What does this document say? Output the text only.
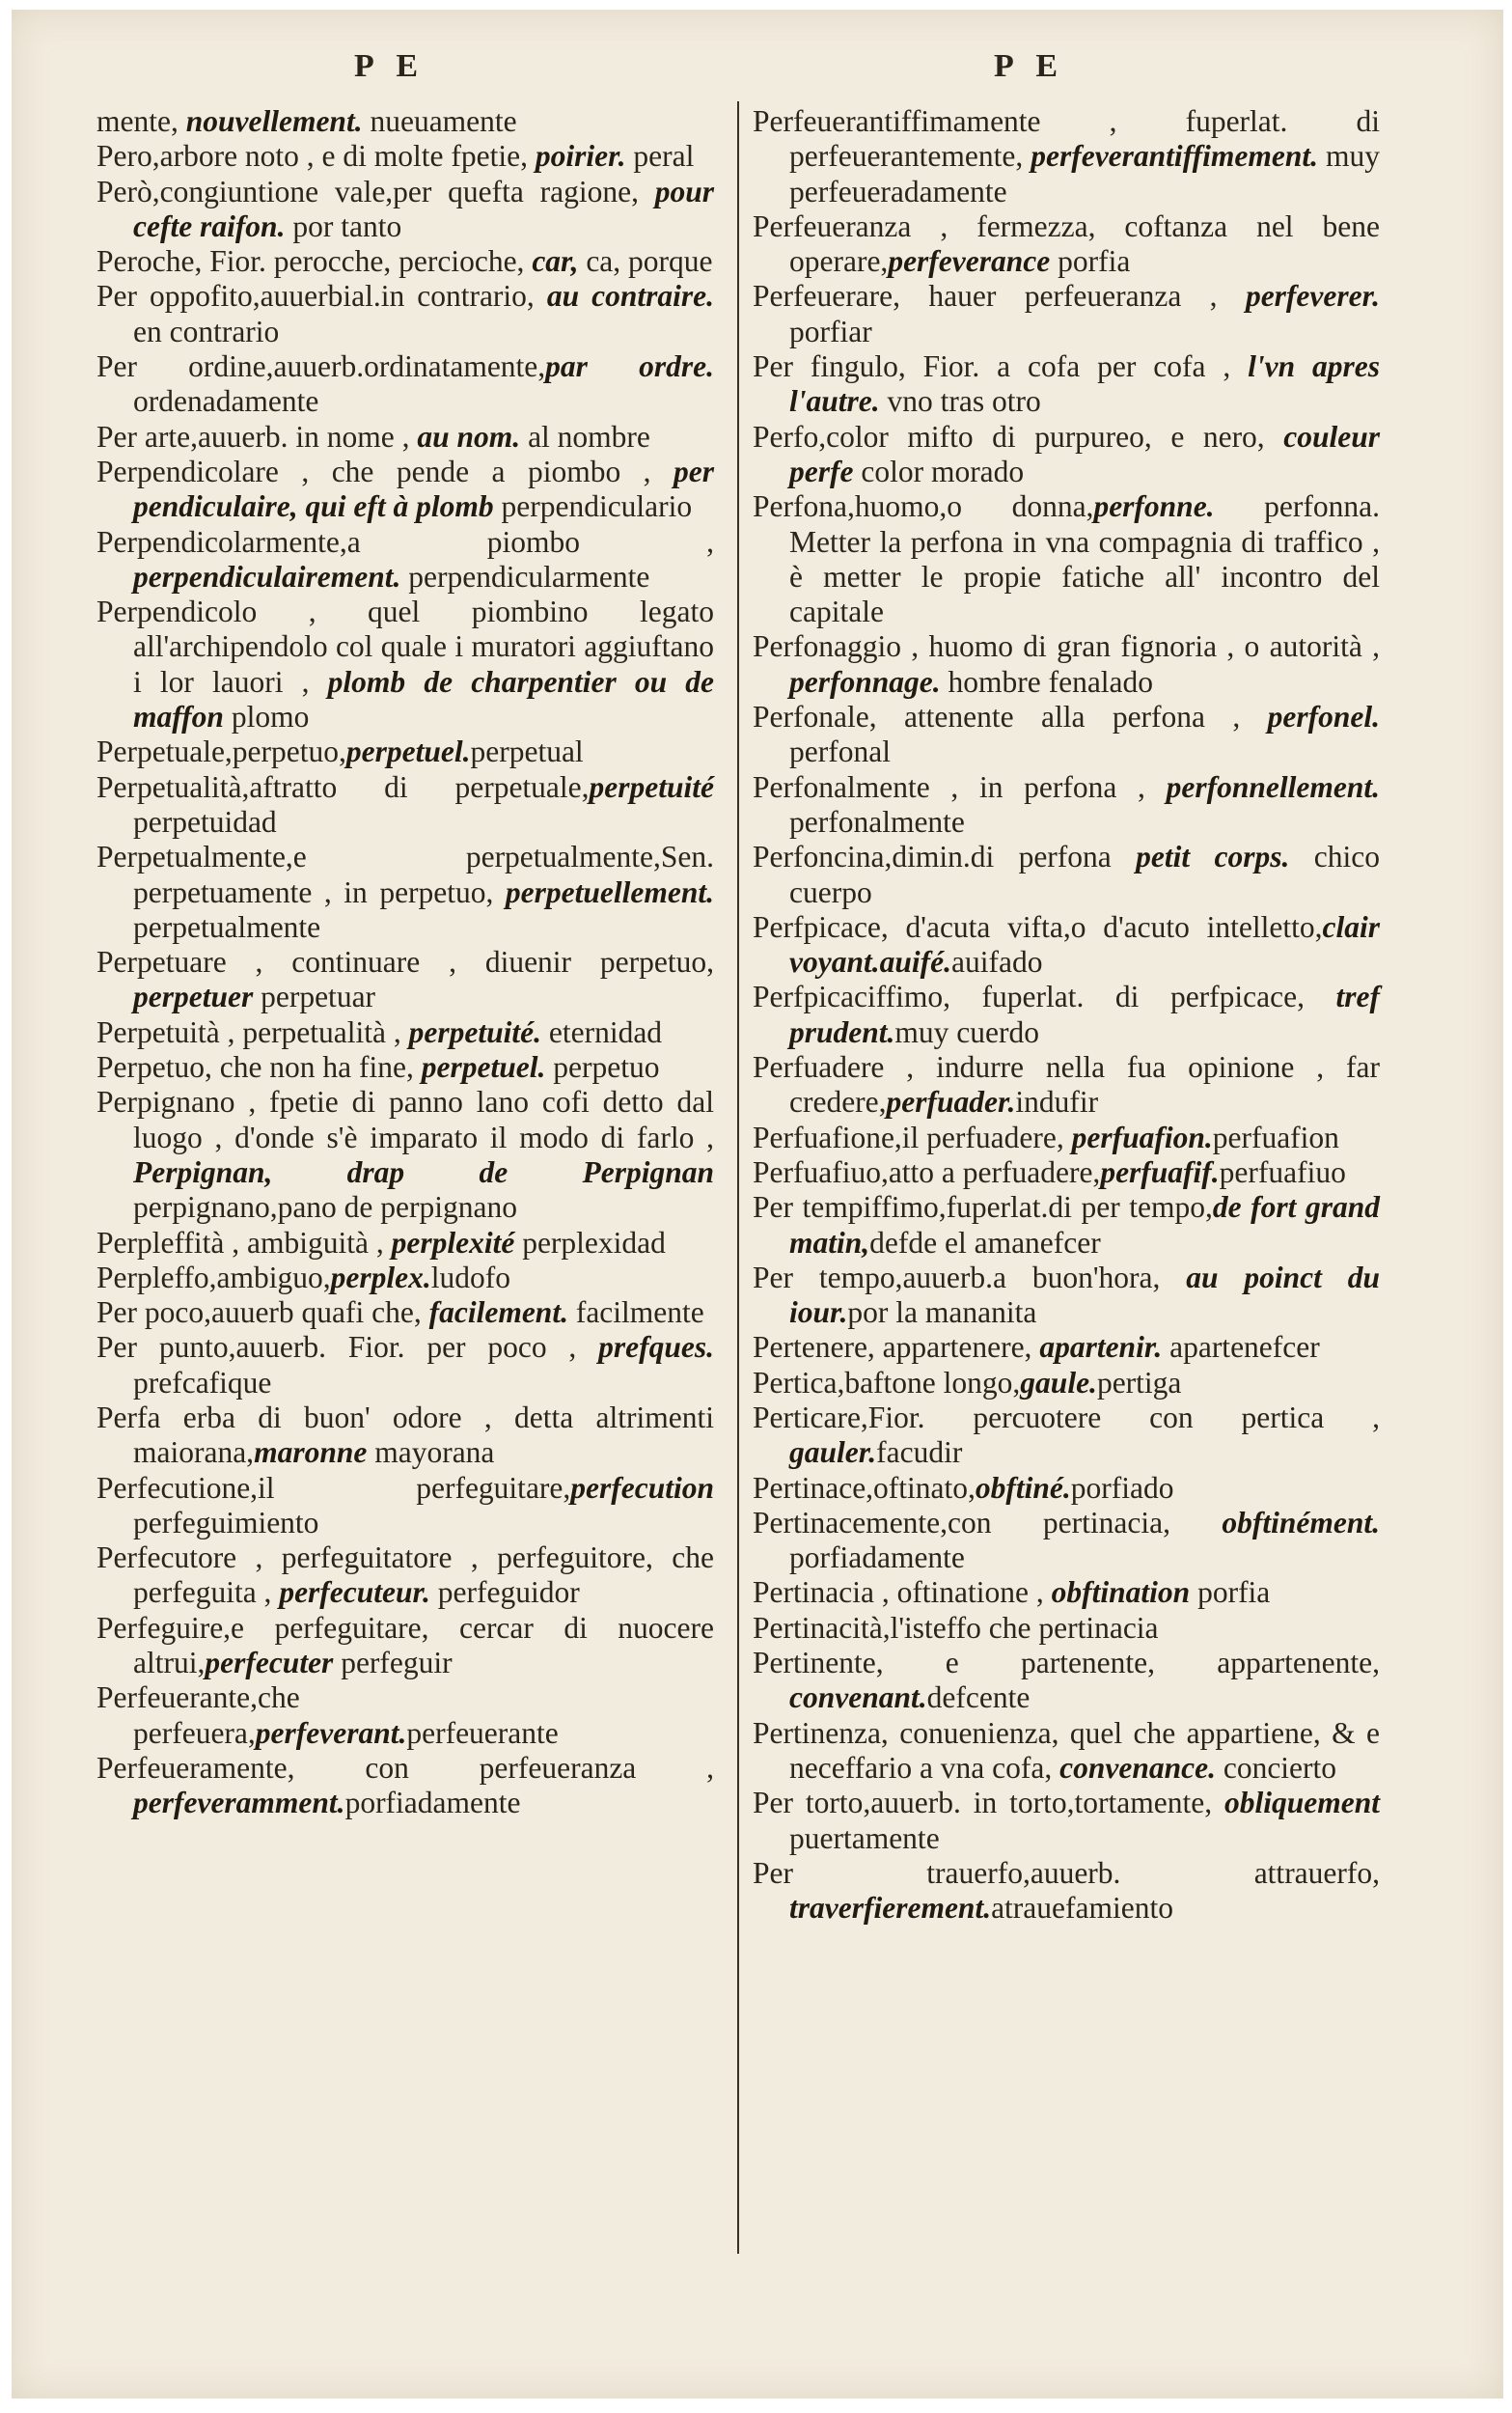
P E	P E

mente, nouvellement. nueuamente

Pero,arbore noto , e di molte fpetie, poirier. peral

Però,congiuntione vale,per quefta ragione, pour cefte raifon. por tanto

Peroche, Fior. perocche, percioche, car, ca, porque

Per oppofito,auuerbial.in contrario, au contraire. en contrario

Per ordine,auuerb.ordinatamente,par ordre. ordenadamente

Per arte,auuerb. in nome , au nom. al nombre

Perpendicolare , che pende a piombo , per pendiculaire, qui eft à plomb perpendiculario

Perpendicolarmente,a piombo , perpendiculairement. perpendicularmente

Perpendicolo , quel piombino legato all'archipendolo col quale i muratori aggiuftano i lor lauori , plomb de charpentier ou de maffon plomo

Perpetuale,perpetuo,perpetuel.perpetual

Perpetualità,aftratto di perpetuale,perpetuité perpetuidad

Perpetualmente,e perpetualmente,Sen. perpetuamente , in perpetuo, perpetuellement. perpetualmente

Perpetuare , continuare , diuenir perpetuo, perpetuer perpetuar

Perpetuità , perpetualità , perpetuité. eternidad

Perpetuo, che non ha fine, perpetuel. perpetuo

Perpignano , fpetie di panno lano cofi detto dal luogo , d'onde s'è imparato il modo di farlo , Perpignan, drap de Perpignan perpignano,pano de perpignano

Perpleffità , ambiguità , perplexité perplexidad

Perpleffo,ambiguo,perplex.ludofo

Per poco,auuerb quafi che, facilement. facilmente

Per punto,auuerb. Fior. per poco , prefques. prefcafique

Perfa erba di buon' odore , detta altrimenti maiorana,maronne mayorana

Perfecutione,il perfeguitare,perfecution perfeguimiento

Perfecutore , perfeguitatore , perfeguitore, che perfeguita , perfecuteur. perfeguidor

Perfeguire,e perfeguitare, cercar di nuocere altrui,perfecuter perfeguir

Perfeuerante,che perfeuera,perfeverant.perfeuerante

Perfeueramente, con perfeueranza , perfeveramment.porfiadamente

Perfeuerantiffimamente , fuperlat. di perfeuerantemente, perfeverantiffimement. muy perfeueradamente

Perfeueranza , fermezza, coftanza nel bene operare,perfeverance porfia

Perfeuerare, hauer perfeueranza , perfeverer. porfiar

Per fingulo, Fior. a cofa per cofa , l'vn apres l'autre. vno tras otro

Perfo,color mifto di purpureo, e nero, couleur perfe color morado

Perfona,huomo,o donna,perfonne. perfonna. Metter la perfona in vna compagnia di traffico , è metter le propie fatiche all' incontro del capitale

Perfonaggio , huomo di gran fignoria , o autorità , perfonnage. hombre fenalado

Perfonale, attenente alla perfona , perfonel. perfonal

Perfonalmente , in perfona , perfonnellement. perfonalmente

Perfoncina,dimin.di perfona petit corps. chico cuerpo

Perfpicace, d'acuta vifta,o d'acuto intelletto,clair voyant.auifé.auifado

Perfpicaciffimo, fuperlat. di perfpicace, tref prudent.muy cuerdo

Perfuadere , indurre nella fua opinione , far credere,perfuader.indufir

Perfuafione,il perfuadere, perfuafion.perfuafion

Perfuafiuo,atto a perfuadere,perfuafif.perfuafiuo

Per tempiffimo,fuperlat.di per tempo,de fort grand matin,defde el amanefcer

Per tempo,auuerb.a buon'hora, au poinct du iour.por la mananita

Pertenere, appartenere, apartenir. apartenefcer

Pertica,baftone longo,gaule.pertiga

Perticare,Fior. percuotere con pertica , gauler.facudir

Pertinace,oftinato,obftiné.porfiado

Pertinacemente,con pertinacia, obftinément. porfiadamente

Pertinacia , oftinatione , obftination porfia

Pertinacità,l'isteffo che pertinacia

Pertinente, e partenente, appartenente, convenant.defcente

Pertinenza, conuenienza, quel che appartiene, & e neceffario a vna cofa, convenance. concierto

Per torto,auuerb. in torto,tortamente, obliquement puertamente

Per trauerfo,auuerb. attrauerfo, traverfierement.atrauefamiento
